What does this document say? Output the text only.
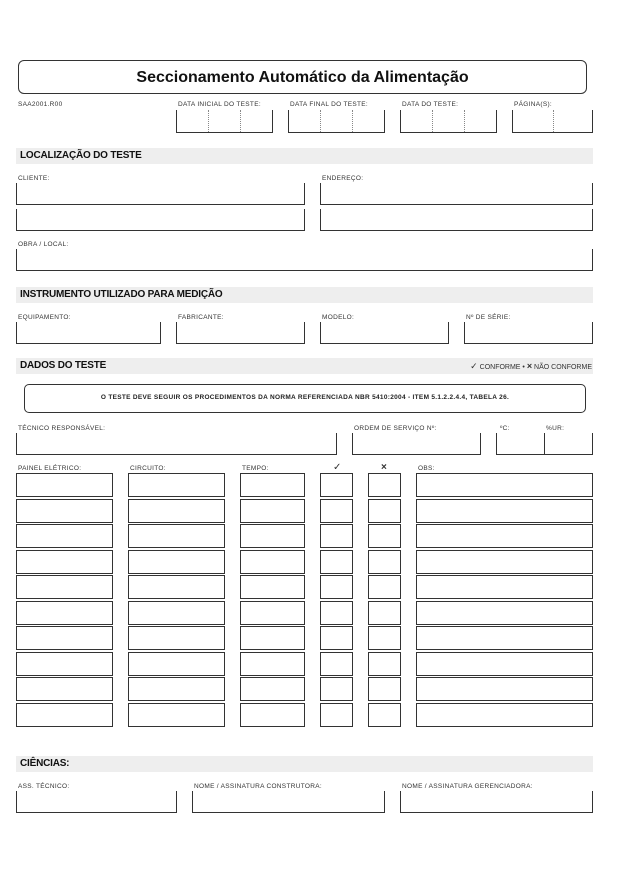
Seccionamento Automático da Alimentação
SAA2001.R00	DATA INICIAL DO TESTE:	DATA FINAL DO TESTE:	DATA DO TESTE:	PÁGINA(S):
LOCALIZAÇÃO DO TESTE
CLIENTE:	ENDEREÇO:
OBRA / LOCAL:
INSTRUMENTO UTILIZADO PARA MEDIÇÃO
EQUIPAMENTO:	FABRICANTE:	MODELO:	Nº DE SÉRIE:
DADOS DO TESTE	✓ CONFORME • × NÃO CONFORME
O TESTE DEVE SEGUIR OS PROCEDIMENTOS DA NORMA REFERENCIADA NBR 5410:2004 - ITEM 5.1.2.2.4.4, TABELA 26.
TÉCNICO RESPONSÁVEL:	ORDEM DE SERVIÇO Nº:	ºC:	%UR:
PAINEL ELÉTRICO:	CIRCUITO:	TEMPO:	✓	×	OBS:
CIÊNCIAS:
ASS. TÉCNICO:	NOME / ASSINATURA CONSTRUTORA:	NOME / ASSINATURA GERENCIADORA:
